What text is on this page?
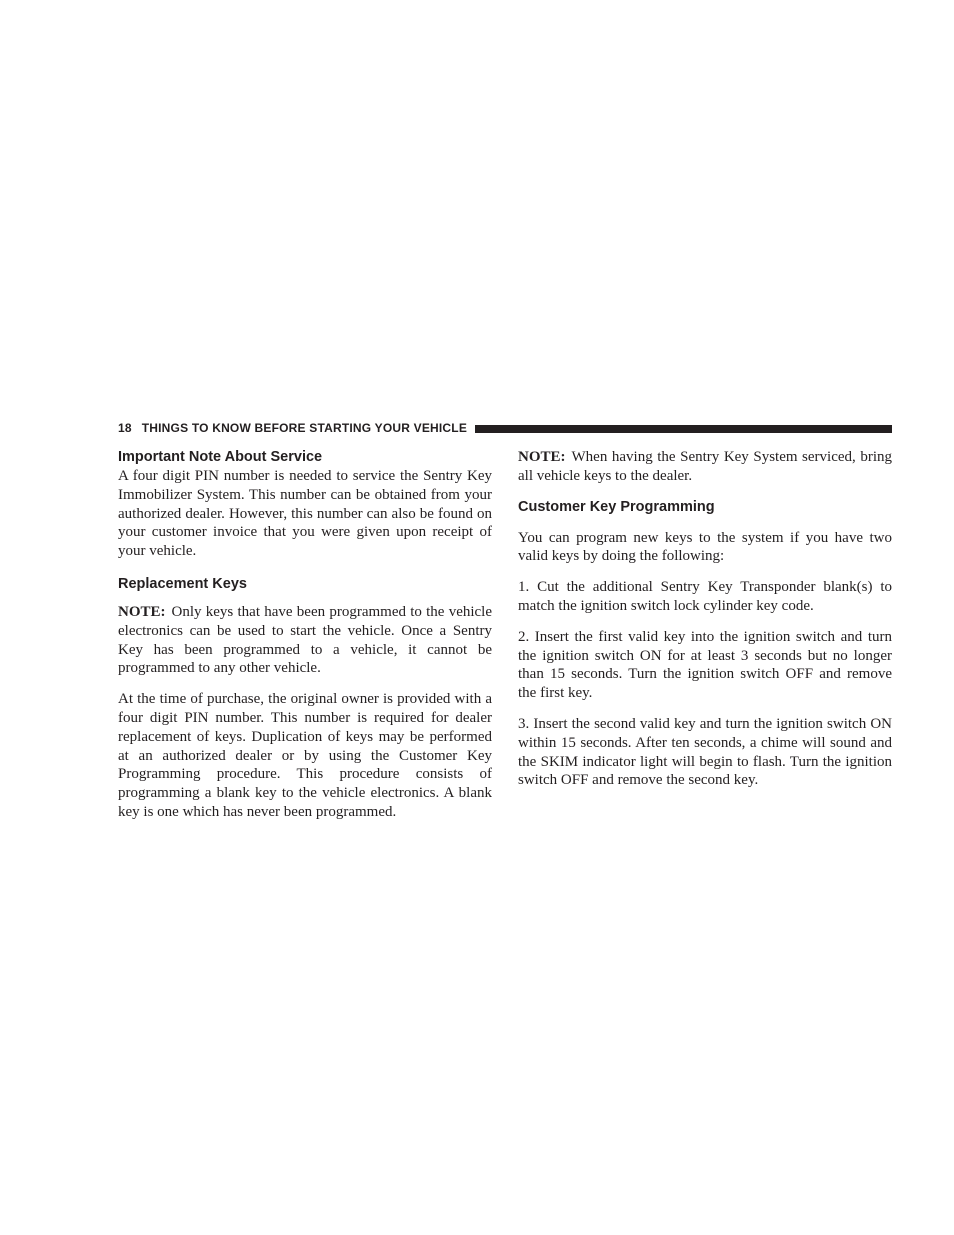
18 THINGS TO KNOW BEFORE STARTING YOUR VEHICLE
Important Note About Service

A four digit PIN number is needed to service the Sentry Key Immobilizer System. This number can be obtained from your authorized dealer. However, this number can also be found on your customer invoice that you were given upon receipt of your vehicle.

Replacement Keys

NOTE: Only keys that have been programmed to the vehicle electronics can be used to start the vehicle. Once a Sentry Key has been programmed to a vehicle, it cannot be programmed to any other vehicle.

At the time of purchase, the original owner is provided with a four digit PIN number. This number is required for dealer replacement of keys. Duplication of keys may be performed at an authorized dealer or by using the Customer Key Programming procedure. This procedure consists of programming a blank key to the vehicle electronics. A blank key is one which has never been programmed.

NOTE: When having the Sentry Key System serviced, bring all vehicle keys to the dealer.

Customer Key Programming

You can program new keys to the system if you have two valid keys by doing the following:

1. Cut the additional Sentry Key Transponder blank(s) to match the ignition switch lock cylinder key code.

2. Insert the first valid key into the ignition switch and turn the ignition switch ON for at least 3 seconds but no longer than 15 seconds. Turn the ignition switch OFF and remove the first key.

3. Insert the second valid key and turn the ignition switch ON within 15 seconds. After ten seconds, a chime will sound and the SKIM indicator light will begin to flash. Turn the ignition switch OFF and remove the second key.
